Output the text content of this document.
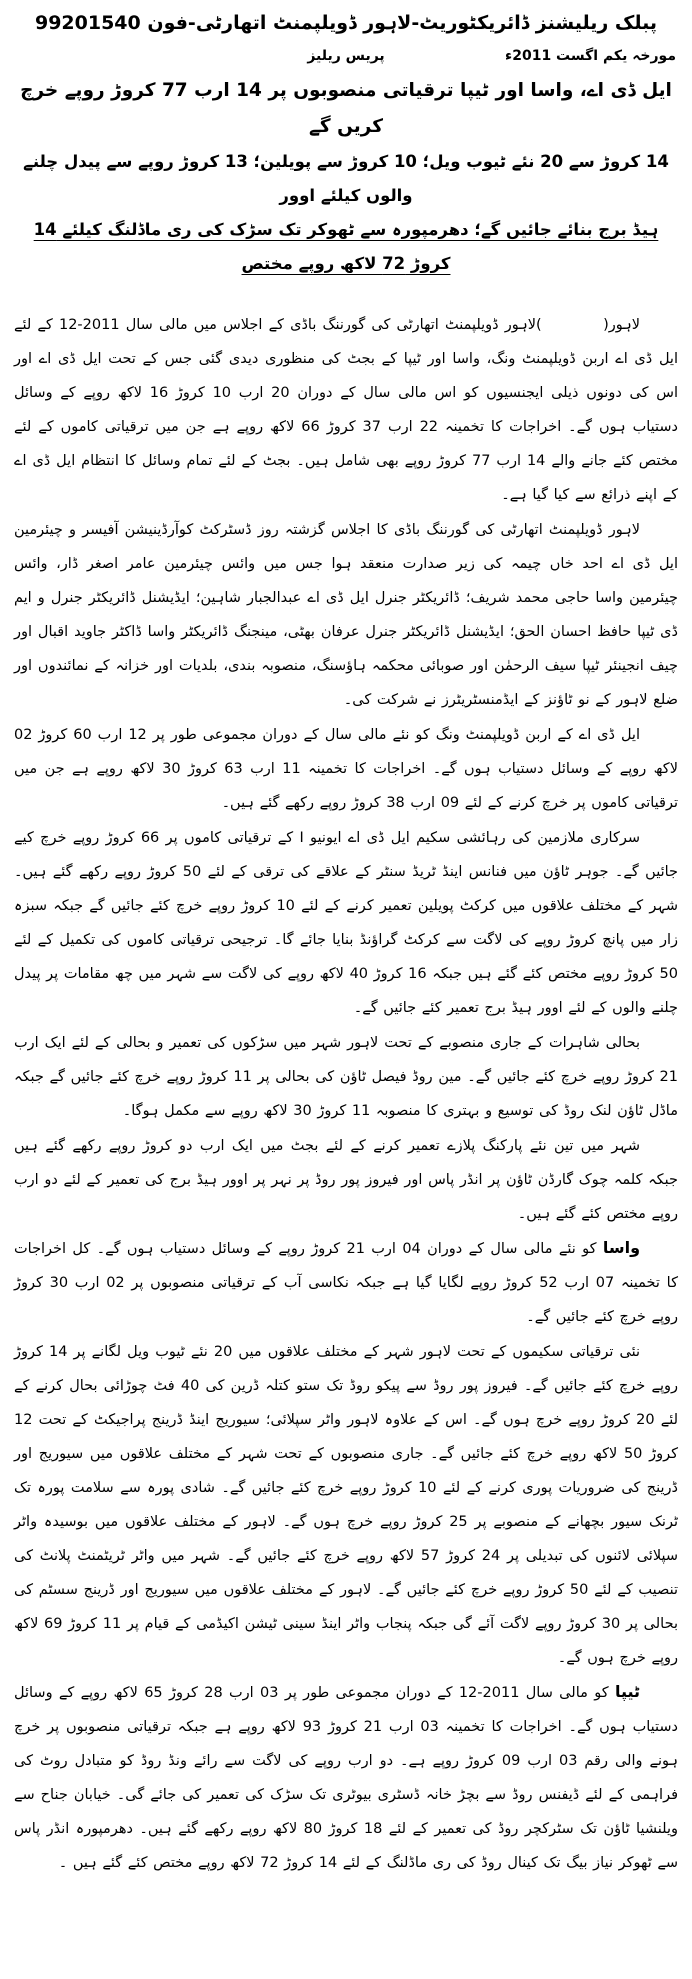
پبلک ریلیشنز ڈائریکٹوریٹ-لاہور ڈویلپمنٹ اتھارٹی-فون 99201540
مورخہ یکم اگست 2011ء
پریس ریلیز
ایل ڈی اے، واسا اور ٹیپا ترقیاتی منصوبوں پر 14 ارب 77 کروڑ روپے خرچ کریں گے
14 کروڑ سے 20 نئے ٹیوب ویل؛ 10 کروڑ سے پویلین؛ 13 کروڑ روپے سے پیدل چلنے والوں کیلئے اوور
ہیڈ برج بنائے جائیں گے؛ دھرمپورہ سے ٹھوکر تک سڑک کی ری ماڈلنگ کیلئے 14 کروڑ 72 لاکھ روپے مختص

لاہور(          )لاہور ڈویلپمنٹ اتھارٹی کی گورننگ باڈی کے اجلاس میں مالی سال 2011-12 کے لئے ایل ڈی اے اربن ڈویلپمنٹ ونگ، واسا اور ٹیپا کے بجٹ کی منظوری دیدی گئی جس کے تحت ایل ڈی اے اور اس کی دونوں ذیلی ایجنسیوں کو اس مالی سال کے دوران 20 ارب 10 کروڑ 16 لاکھ روپے کے وسائل دستیاب ہوں گے۔ اخراجات کا تخمینہ 22 ارب 37 کروڑ 66 لاکھ روپے ہے جن میں ترقیاتی کاموں کے لئے مختص کئے جانے والے 14 ارب 77 کروڑ روپے بھی شامل ہیں۔ بجٹ کے لئے تمام وسائل کا انتظام ایل ڈی اے کے اپنے ذرائع سے کیا گیا ہے۔

لاہور ڈویلپمنٹ اتھارٹی کی گورننگ باڈی کا اجلاس گزشتہ روز ڈسٹرکٹ کوآرڈینیشن آفیسر و چیئرمین ایل ڈی اے احد خاں چیمہ کی زیر صدارت منعقد ہوا جس میں وائس چیئرمین عامر اصغر ڈار، وائس چیئرمین واسا حاجی محمد شریف؛ ڈائریکٹر جنرل ایل ڈی اے عبدالجبار شاہین؛ ایڈیشنل ڈائریکٹر جنرل و ایم ڈی ٹیپا حافظ احسان الحق؛ ایڈیشنل ڈائریکٹر جنرل عرفان بھٹی، مینجنگ ڈائریکٹر واسا ڈاکٹر جاوید اقبال اور چیف انجینئر ٹیپا سیف الرحمٰن اور صوبائی محکمہ ہاؤسنگ، منصوبہ بندی، بلدیات اور خزانہ کے نمائندوں اور ضلع لاہور کے نو ٹاؤنز کے ایڈمنسٹریٹرز نے شرکت کی۔

ایل ڈی اے کے اربن ڈویلپمنٹ ونگ کو نئے مالی سال کے دوران مجموعی طور پر 12 ارب 60 کروڑ 02 لاکھ روپے کے وسائل دستیاب ہوں گے۔ اخراجات کا تخمینہ 11 ارب 63 کروڑ 30 لاکھ روپے ہے جن میں ترقیاتی کاموں پر خرچ کرنے کے لئے 09 ارب 38 کروڑ روپے رکھے گئے ہیں۔

سرکاری ملازمین کی رہائشی سکیم ایل ڈی اے ایونیو I کے ترقیاتی کاموں پر 66 کروڑ روپے خرچ کیے جائیں گے۔ جوہر ٹاؤن میں فنانس اینڈ ٹریڈ سنٹر کے علاقے کی ترقی کے لئے 50 کروڑ روپے رکھے گئے ہیں۔ شہر کے مختلف علاقوں میں کرکٹ پویلین تعمیر کرنے کے لئے 10 کروڑ روپے خرچ کئے جائیں گے جبکہ سبزہ زار میں پانچ کروڑ روپے کی لاگت سے کرکٹ گراؤنڈ بنایا جائے گا۔ ترجیحی ترقیاتی کاموں کی تکمیل کے لئے 50 کروڑ روپے مختص کئے گئے ہیں جبکہ 16 کروڑ 40 لاکھ روپے کی لاگت سے شہر میں چھ مقامات پر پیدل چلنے والوں کے لئے اوور ہیڈ برج تعمیر کئے جائیں گے۔

بحالی شاہرات کے جاری منصوبے کے تحت لاہور شہر میں سڑکوں کی تعمیر و بحالی کے لئے ایک ارب 21 کروڑ روپے خرچ کئے جائیں گے۔ مین روڈ فیصل ٹاؤن کی بحالی پر 11 کروڑ روپے خرچ کئے جائیں گے جبکہ ماڈل ٹاؤن لنک روڈ کی توسیع و بہتری کا منصوبہ 11 کروڑ 30 لاکھ روپے سے مکمل ہوگا۔

شہر میں تین نئے پارکنگ پلازے تعمیر کرنے کے لئے بجٹ میں ایک ارب دو کروڑ روپے رکھے گئے ہیں جبکہ کلمہ چوک گارڈن ٹاؤن پر انڈر پاس اور فیروز پور روڈ پر نہر پر اوور ہیڈ برج کی تعمیر کے لئے دو ارب روپے مختص کئے گئے ہیں۔

واسا کو نئے مالی سال کے دوران 04 ارب 21 کروڑ روپے کے وسائل دستیاب ہوں گے۔ کل اخراجات کا تخمینہ 07 ارب 52 کروڑ روپے لگایا گیا ہے جبکہ نکاسی آب کے ترقیاتی منصوبوں پر 02 ارب 30 کروڑ روپے خرچ کئے جائیں گے۔

نئی ترقیاتی سکیموں کے تحت لاہور شہر کے مختلف علاقوں میں 20 نئے ٹیوب ویل لگانے پر 14 کروڑ روپے خرچ کئے جائیں گے۔ فیروز پور روڈ سے پیکو روڈ تک ستو کتلہ ڈرین کی 40 فٹ چوڑائی بحال کرنے کے لئے 20 کروڑ روپے خرچ ہوں گے۔ اس کے علاوہ لاہور واٹر سپلائی؛ سیوریج اینڈ ڈرینج پراجیکٹ کے تحت 12 کروڑ 50 لاکھ روپے خرچ کئے جائیں گے۔ جاری منصوبوں کے تحت شہر کے مختلف علاقوں میں سیوریج اور ڈرینج کی ضروریات پوری کرنے کے لئے 10 کروڑ روپے خرچ کئے جائیں گے۔ شادی پورہ سے سلامت پورہ تک ٹرنک سیور بچھانے کے منصوبے پر 25 کروڑ روپے خرچ ہوں گے۔ لاہور کے مختلف علاقوں میں بوسیدہ واٹر سپلائی لائنوں کی تبدیلی پر 24 کروڑ 57 لاکھ روپے خرچ کئے جائیں گے۔ شہر میں واٹر ٹریٹمنٹ پلانٹ کی تنصیب کے لئے 50 کروڑ روپے خرچ کئے جائیں گے۔ لاہور کے مختلف علاقوں میں سیوریج اور ڈرینج سسٹم کی بحالی پر 30 کروڑ روپے لاگت آئے گی جبکہ پنجاب واٹر اینڈ سینی ٹیشن اکیڈمی کے قیام پر 11 کروڑ 69 لاکھ روپے خرچ ہوں گے۔

ٹیپا کو مالی سال 2011-12 کے دوران مجموعی طور پر 03 ارب 28 کروڑ 65 لاکھ روپے کے وسائل دستیاب ہوں گے۔ اخراجات کا تخمینہ 03 ارب 21 کروڑ 93 لاکھ روپے ہے جبکہ ترقیاتی منصوبوں پر خرچ ہونے والی رقم 03 ارب 09 کروڑ روپے ہے۔ دو ارب روپے کی لاگت سے رائے ونڈ روڈ کو متبادل روٹ کی فراہمی کے لئے ڈیفنس روڈ سے بچڑ خانہ ڈسٹری بیوٹری تک سڑک کی تعمیر کی جائے گی۔ خیابان جناح سے ویلنشیا ٹاؤن تک سٹرکچر روڈ کی تعمیر کے لئے 18 کروڑ 80 لاکھ روپے رکھے گئے ہیں۔ دھرمپورہ انڈر پاس سے ٹھوکر نیاز بیگ تک کینال روڈ کی ری ماڈلنگ کے لئے 14 کروڑ 72 لاکھ روپے مختص کئے گئے ہیں ۔
